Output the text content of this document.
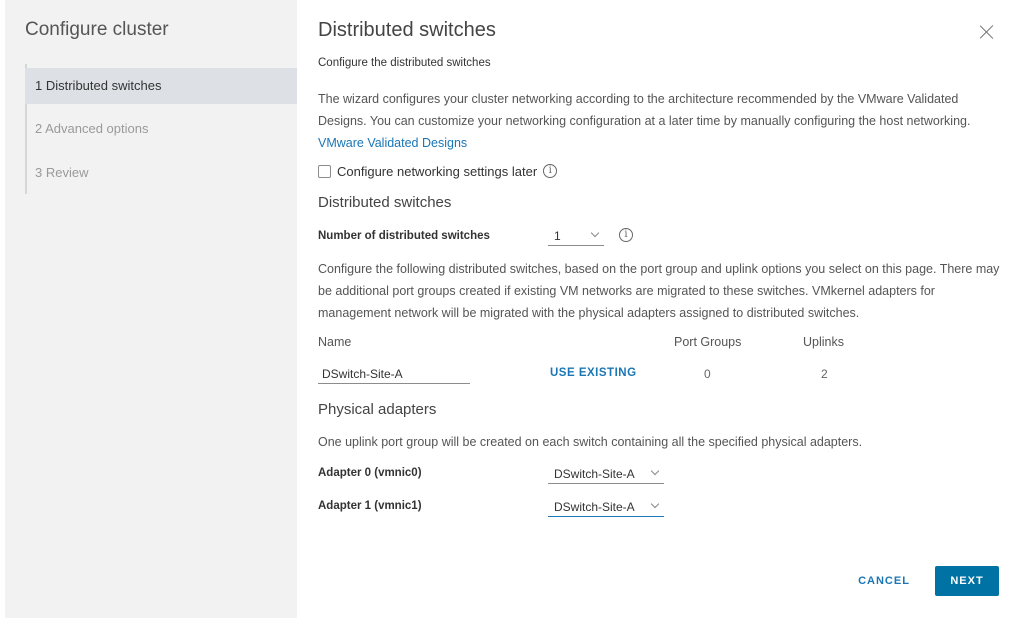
Configure cluster
1 Distributed switches
2 Advanced options
3 Review
Distributed switches
Configure the distributed switches
The wizard configures your cluster networking according to the architecture recommended by the VMware Validated Designs. You can customize your networking configuration at a later time by manually configuring the host networking. VMware Validated Designs
Configure networking settings later	i
Distributed switches
Number of distributed switches	1	i
Configure the following distributed switches, based on the port group and uplink options you select on this page. There may be additional port groups created if existing VM networks are migrated to these switches. VMkernel adapters for management network will be migrated with the physical adapters assigned to distributed switches.
Name	Port Groups	Uplinks
DSwitch-Site-A	USE EXISTING	0	2
Physical adapters
One uplink port group will be created on each switch containing all the specified physical adapters.
Adapter 0 (vmnic0)	DSwitch-Site-A
Adapter 1 (vmnic1)	DSwitch-Site-A
CANCEL	NEXT
